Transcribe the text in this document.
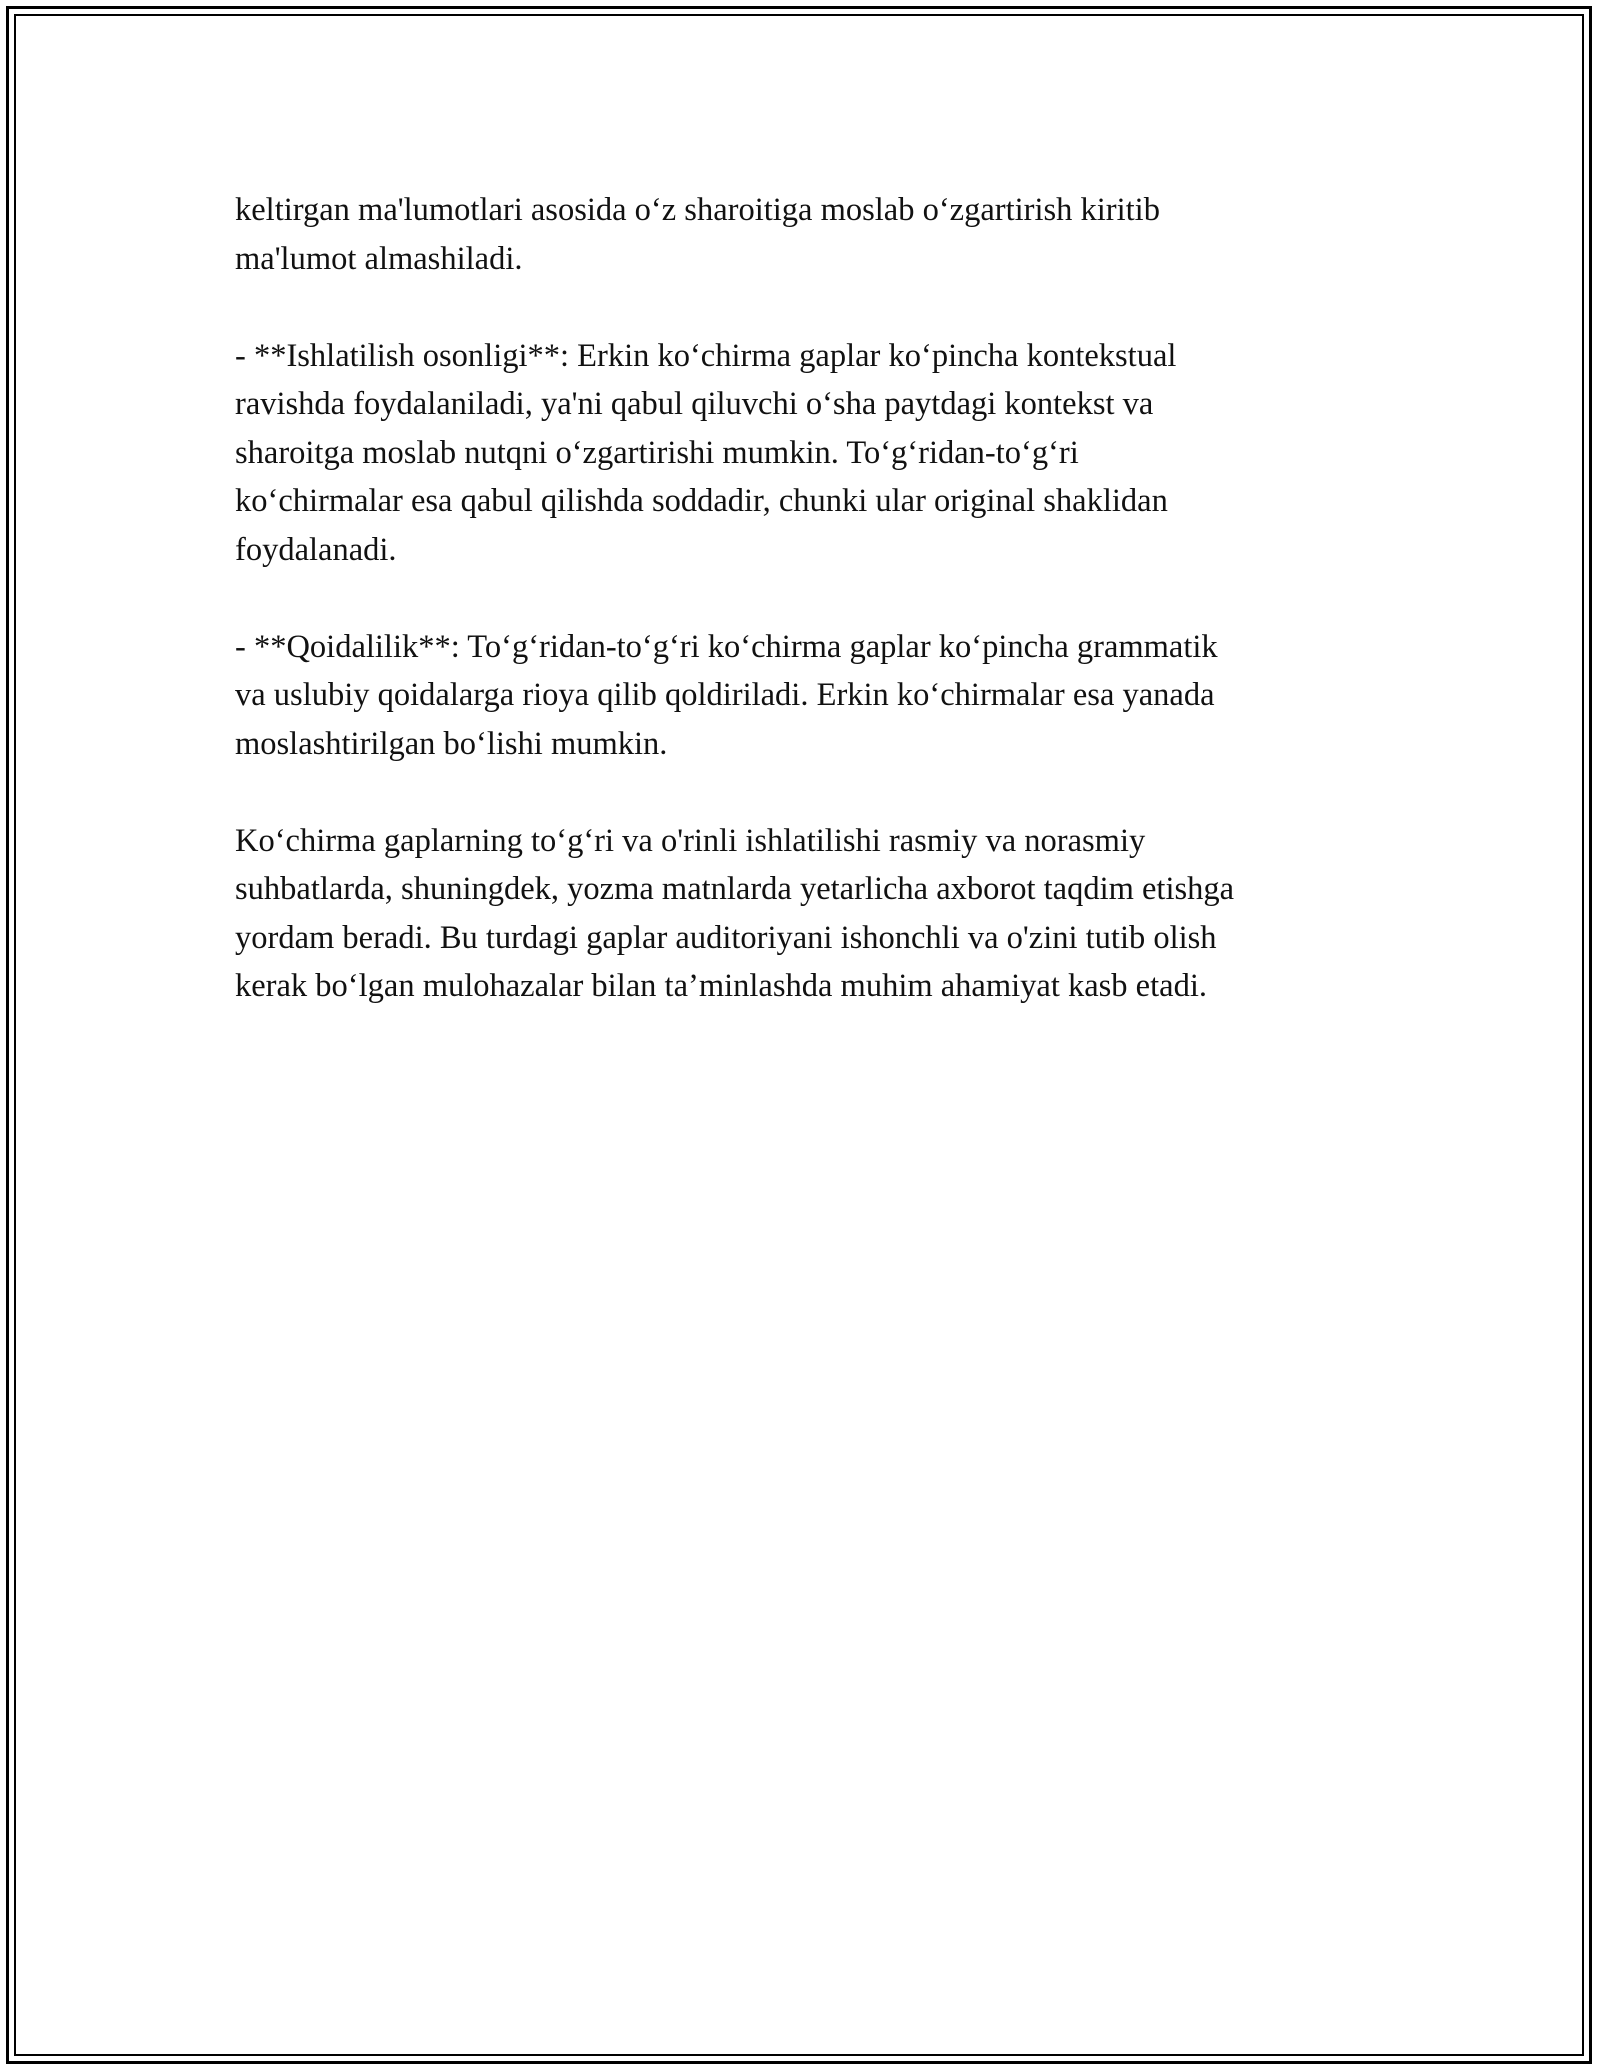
keltirgan ma'lumotlari asosida o‘z sharoitiga moslab o‘zgartirish kiritib
ma'lumot almashiladi.

- **Ishlatilish osonligi**: Erkin ko‘chirma gaplar ko‘pincha kontekstual
ravishda foydalaniladi, ya'ni qabul qiluvchi o‘sha paytdagi kontekst va
sharoitga moslab nutqni o‘zgartirishi mumkin. To‘g‘ridan-to‘g‘ri
ko‘chirmalar esa qabul qilishda soddadir, chunki ular original shaklidan
foydalanadi.

- **Qoidalilik**: To‘g‘ridan-to‘g‘ri ko‘chirma gaplar ko‘pincha grammatik
va uslubiy qoidalarga rioya qilib qoldiriladi. Erkin ko‘chirmalar esa yanada
moslashtirilgan bo‘lishi mumkin.

Ko‘chirma gaplarning to‘g‘ri va o'rinli ishlatilishi rasmiy va norasmiy
suhbatlarda, shuningdek, yozma matnlarda yetarlicha axborot taqdim etishga
yordam beradi. Bu turdagi gaplar auditoriyani ishonchli va o'zini tutib olish
kerak bo‘lgan mulohazalar bilan ta’minlashda muhim ahamiyat kasb etadi.
